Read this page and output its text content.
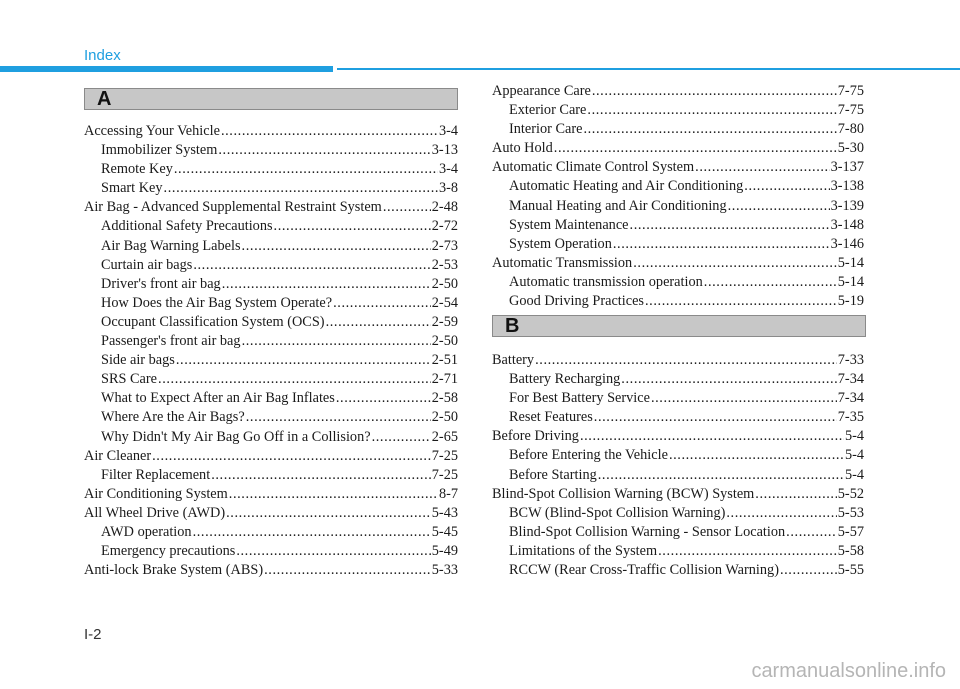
Index
A
Accessing Your Vehicle .....	3-4
Immobilizer System .....	3-13
Remote Key .....	3-4
Smart Key .....	3-8
Air Bag - Advanced Supplemental Restraint System .....	2-48
Additional Safety Precautions .....	2-72
Air Bag Warning Labels .....	2-73
Curtain air bags .....	2-53
Driver's front air bag .....	2-50
How Does the Air Bag System Operate? .....	2-54
Occupant Classification System (OCS) .....	2-59
Passenger's front air bag .....	2-50
Side air bags .....	2-51
SRS Care .....	2-71
What to Expect After an Air Bag Inflates .....	2-58
Where Are the Air Bags? .....	2-50
Why Didn't My Air Bag Go Off in a Collision? .....	2-65
Air Cleaner .....	7-25
Filter Replacement .....	7-25
Air Conditioning System .....	8-7
All Wheel Drive (AWD) .....	5-43
AWD operation .....	5-45
Emergency precautions .....	5-49
Anti-lock Brake System (ABS) .....	5-33
Appearance Care .....	7-75
Exterior Care .....	7-75
Interior Care .....	7-80
Auto Hold .....	5-30
Automatic Climate Control System .....	3-137
Automatic Heating and Air Conditioning .....	3-138
Manual Heating and Air Conditioning .....	3-139
System Maintenance .....	3-148
System Operation .....	3-146
Automatic Transmission .....	5-14
Automatic transmission operation .....	5-14
Good Driving Practices .....	5-19
B
Battery .....	7-33
Battery Recharging .....	7-34
For Best Battery Service .....	7-34
Reset Features .....	7-35
Before Driving .....	5-4
Before Entering the Vehicle .....	5-4
Before Starting .....	5-4
Blind-Spot Collision Warning (BCW) System .....	5-52
BCW (Blind-Spot Collision Warning) .....	5-53
Blind-Spot Collision Warning - Sensor Location .....	5-57
Limitations of the System .....	5-58
RCCW (Rear Cross-Traffic Collision Warning) .....	5-55
I-2
carmanualsonline.info
